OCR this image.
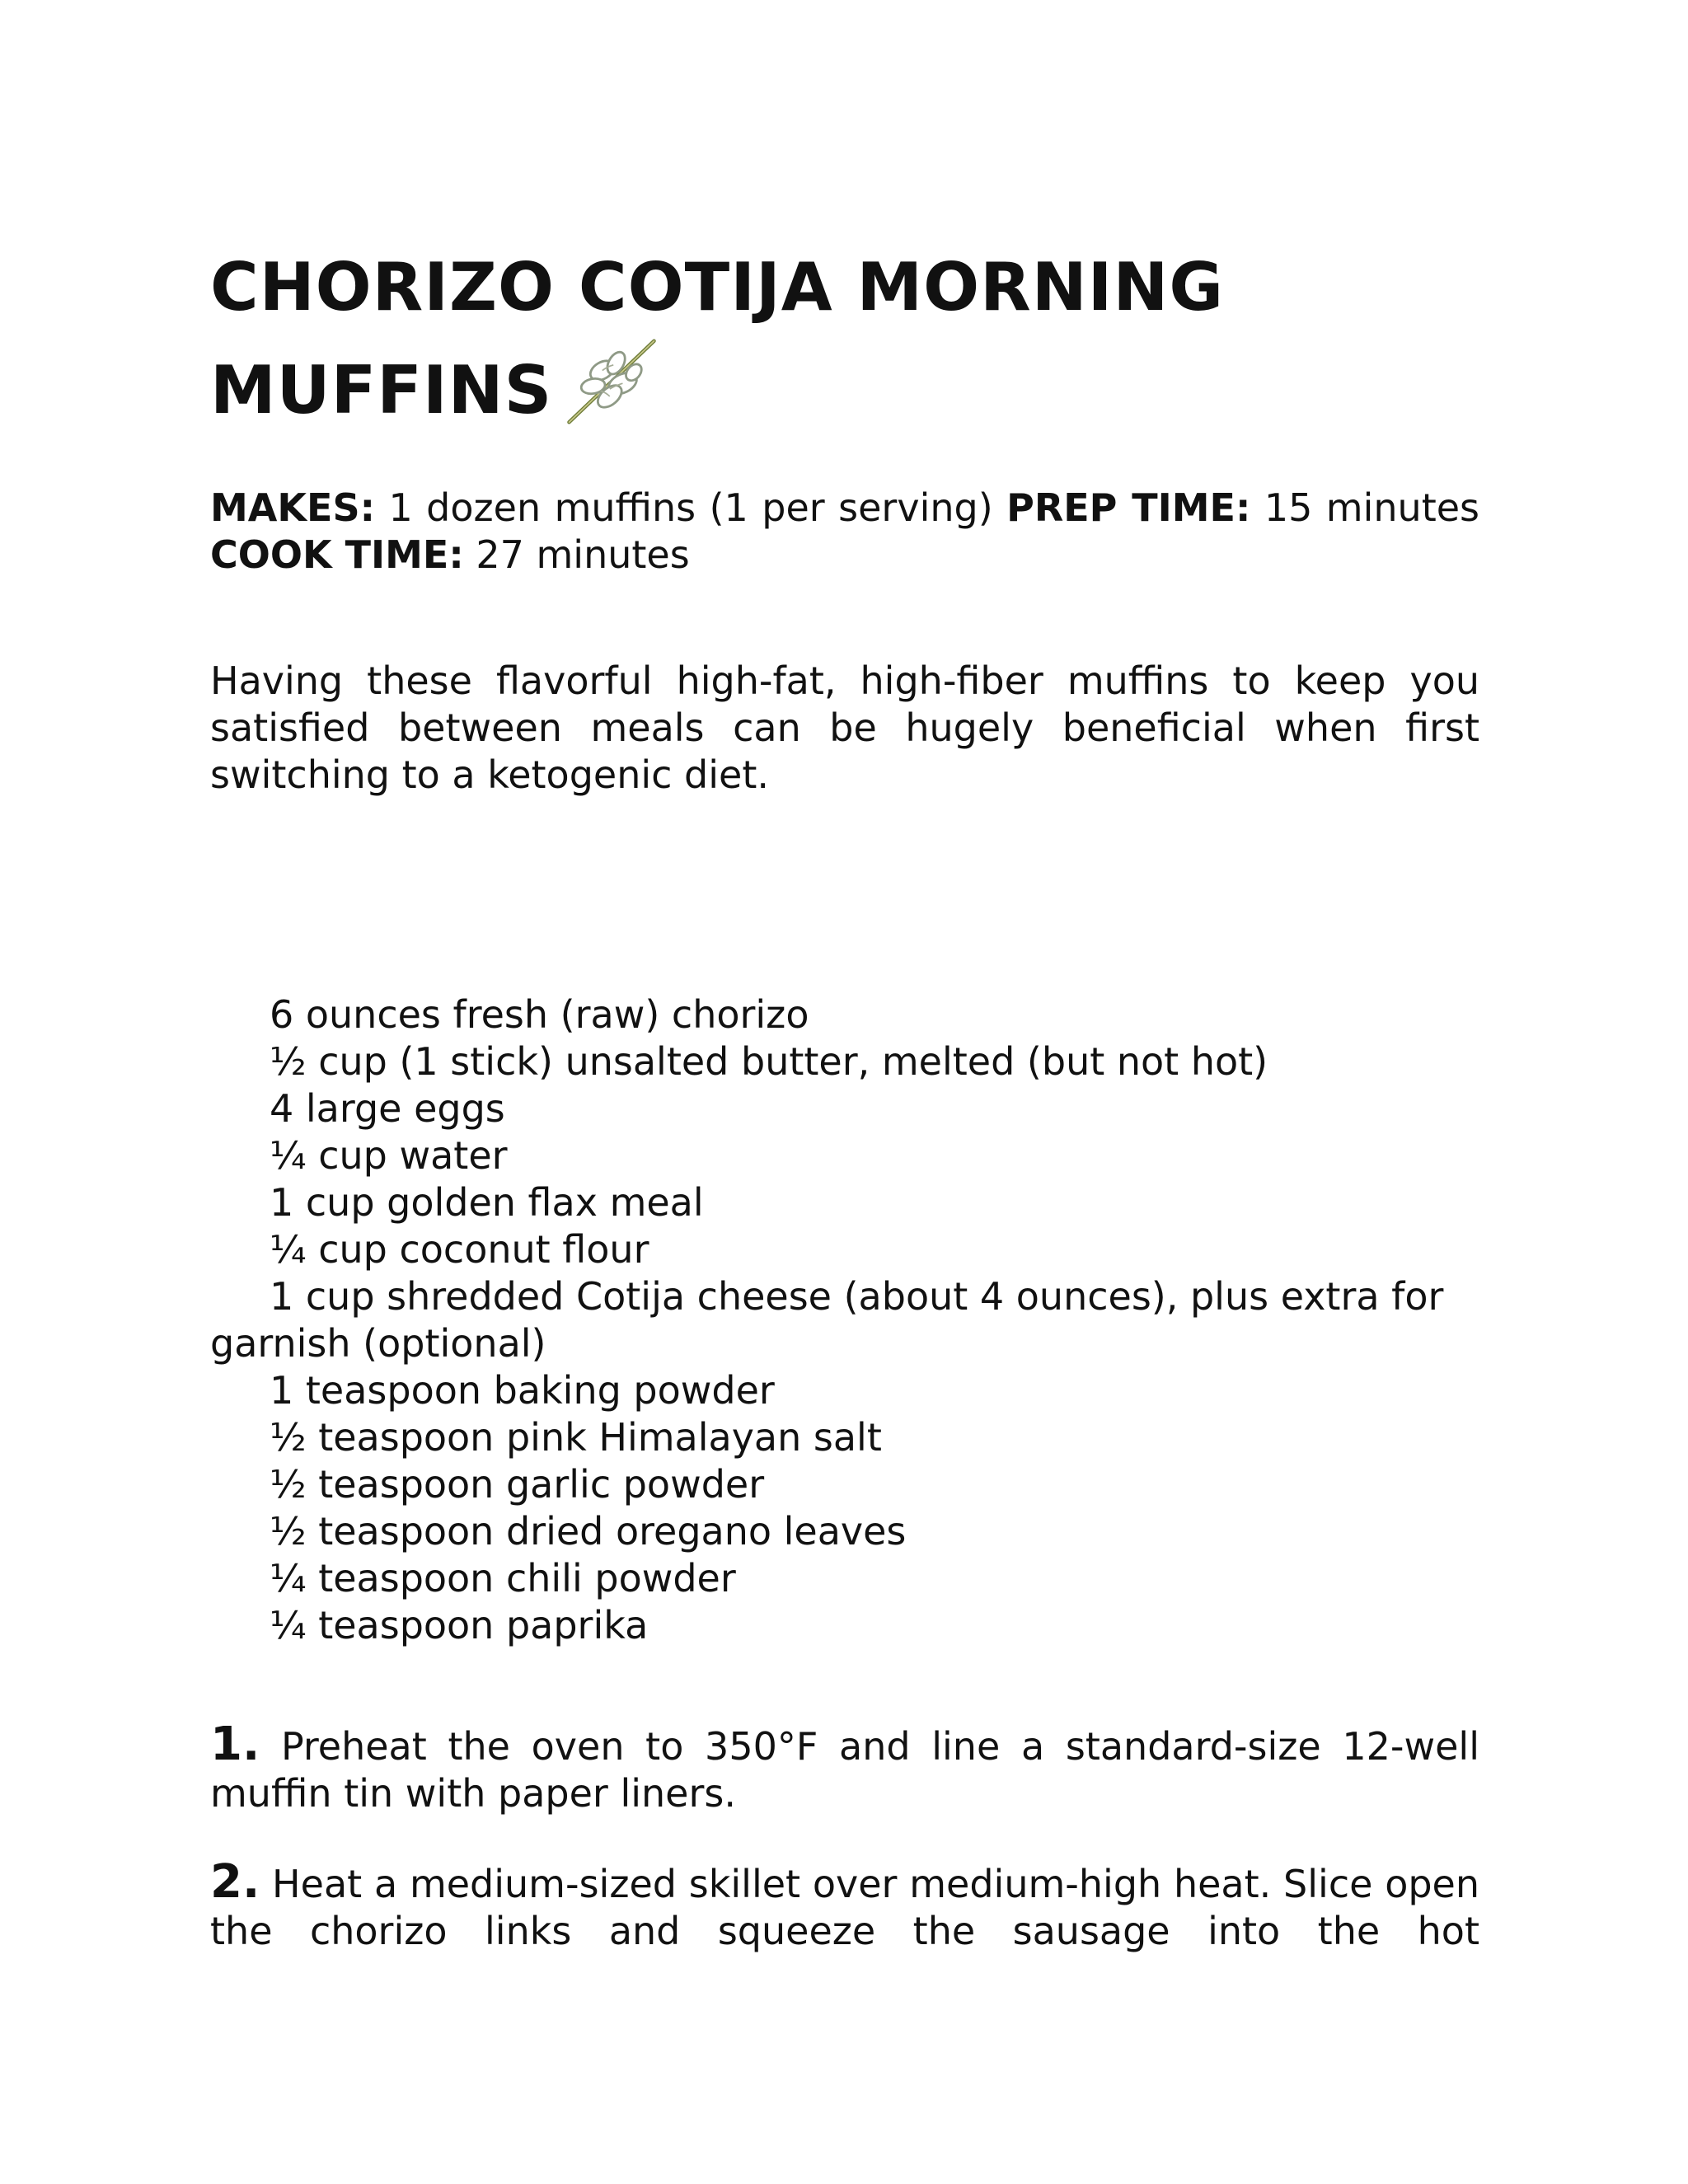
CHORIZO COTIJA MORNING MUFFINS
MAKES: 1 dozen muffins (1 per serving) PREP TIME: 15 minutes COOK TIME: 27 minutes

Having these flavorful high-fat, high-fiber muffins to keep you satisfied between meals can be hugely beneficial when first switching to a ketogenic diet.

6 ounces fresh (raw) chorizo
½ cup (1 stick) unsalted butter, melted (but not hot)
4 large eggs
¼ cup water
1 cup golden flax meal
¼ cup coconut flour
1 cup shredded Cotija cheese (about 4 ounces), plus extra for garnish (optional)
1 teaspoon baking powder
½ teaspoon pink Himalayan salt
½ teaspoon garlic powder
½ teaspoon dried oregano leaves
¼ teaspoon chili powder
¼ teaspoon paprika

1. Preheat the oven to 350°F and line a standard-size 12-well muffin tin with paper liners.

2. Heat a medium-sized skillet over medium-high heat. Slice open the chorizo links and squeeze the sausage into the hot
